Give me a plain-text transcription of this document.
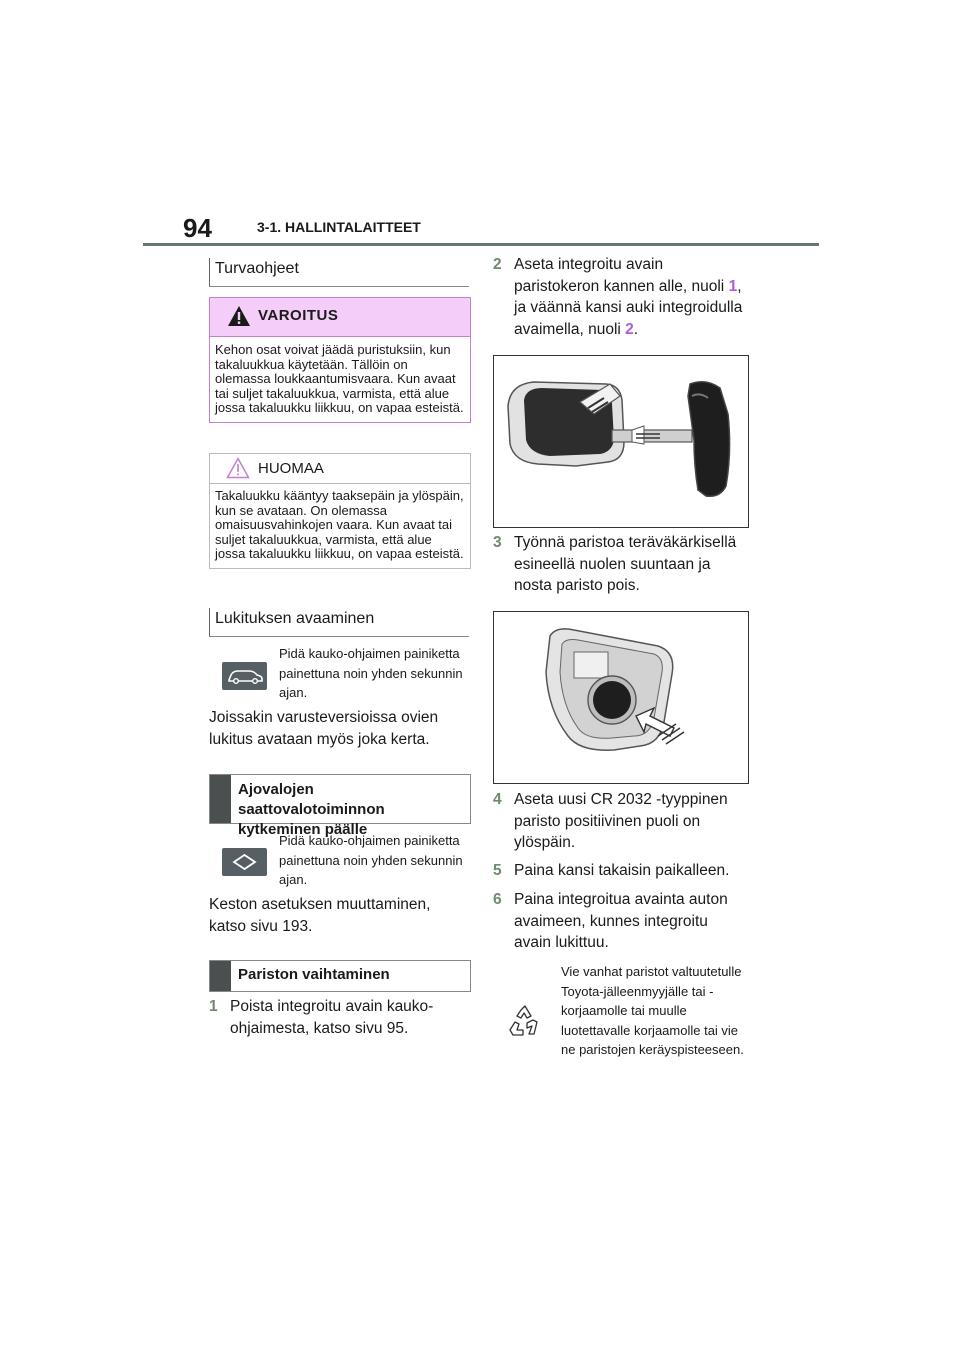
94	3-1. HALLINTALAITTEET
Turvaohjeet
VAROITUS
Kehon osat voivat jäädä puristuksiin, kun takaluukkua käytetään. Tällöin on olemassa loukkaantumisvaara. Kun avaat tai suljet takaluukkua, varmista, että alue jossa takaluukku liikkuu, on vapaa esteistä.
HUOMAA
Takaluukku kääntyy taaksepäin ja ylöspäin, kun se avataan. On olemassa omaisuusvahinkojen vaara. Kun avaat tai suljet takaluukkua, varmista, että alue jossa takaluukku liikkuu, on vapaa esteistä.
Lukituksen avaaminen
Pidä kauko-ohjaimen painiketta painettuna noin yhden sekunnin ajan.
Joissakin varusteversioissa ovien lukitus avataan myös joka kerta.
Ajovalojen saattovalotoiminnon kytkeminen päälle
Pidä kauko-ohjaimen painiketta painettuna noin yhden sekunnin ajan.
Keston asetuksen muuttaminen, katso sivu 193.
Pariston vaihtaminen
1 Poista integroitu avain kauko-ohjaimesta, katso sivu 95.
2 Aseta integroitu avain paristokeron kannen alle, nuoli 1, ja väännä kansi auki integroidulla avaimella, nuoli 2.
3 Työnnä paristoa teräväkärkisellä esineellä nuolen suuntaan ja nosta paristo pois.
4 Aseta uusi CR 2032 -tyyppinen paristo positiivinen puoli on ylöspäin.
5 Paina kansi takaisin paikalleen.
6 Paina integroitua avainta auton avaimeen, kunnes integroitu avain lukittuu.
Vie vanhat paristot valtuutetulle Toyota-jälleenmyyjälle tai -korjaamolle tai muulle luotettavalle korjaamolle tai vie ne paristojen keräyspisteeseen.
